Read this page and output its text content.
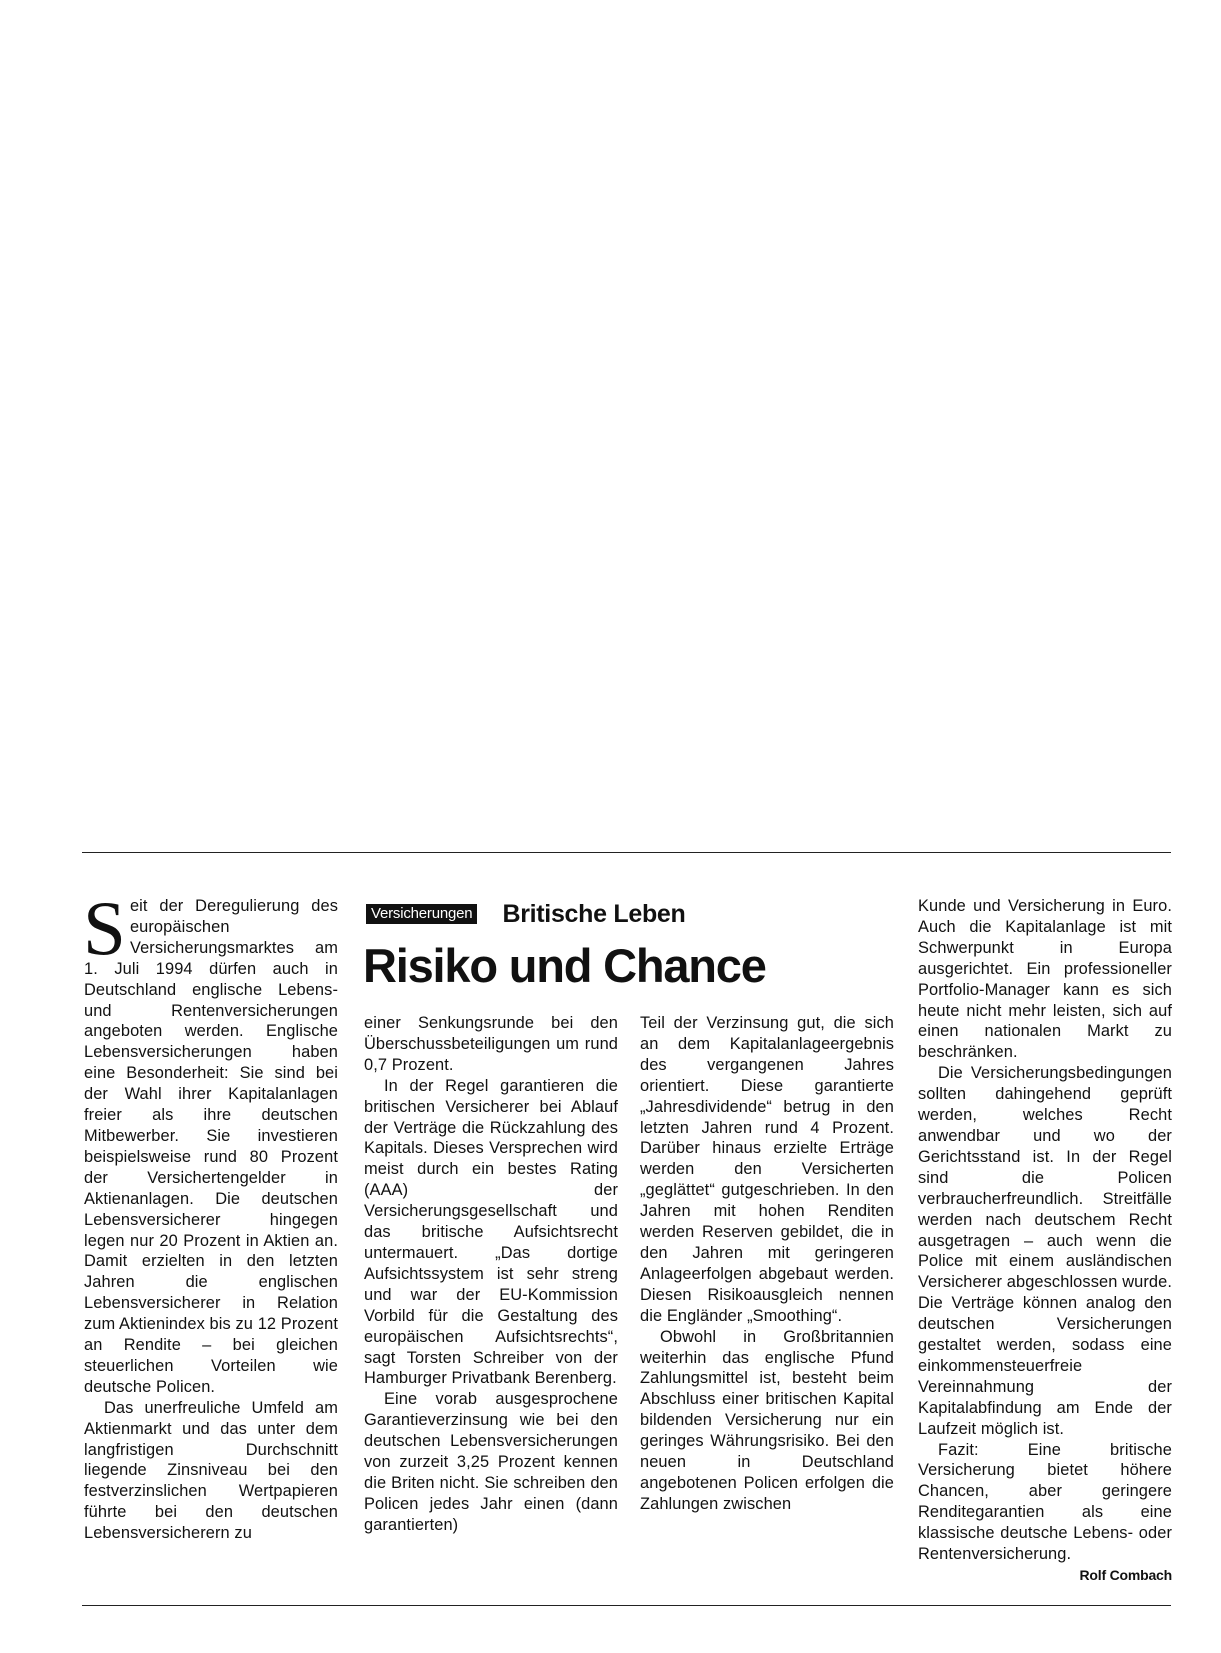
Seit der Deregulierung des europäischen Versicherungsmarktes am 1. Juli 1994 dürfen auch in Deutschland englische Lebens- und Rentenversicherungen angeboten werden. Englische Lebensversicherungen haben eine Besonderheit: Sie sind bei der Wahl ihrer Kapitalanlagen freier als ihre deutschen Mitbewerber. Sie investieren beispielsweise rund 80 Prozent der Versichertengelder in Aktienanlagen. Die deutschen Lebensversicherer hingegen legen nur 20 Prozent in Aktien an. Damit erzielten in den letzten Jahren die englischen Lebensversicherer in Relation zum Aktienindex bis zu 12 Prozent an Rendite – bei gleichen steuerlichen Vorteilen wie deutsche Policen.

Das unerfreuliche Umfeld am Aktienmarkt und das unter dem langfristigen Durchschnitt liegende Zinsniveau bei den festverzinslichen Wertpapieren führte bei den deutschen Lebensversicherern zu

Versicherungen Britische Leben
Risiko und Chance

einer Senkungsrunde bei den Überschussbeteiligungen um rund 0,7 Prozent.

In der Regel garantieren die britischen Versicherer bei Ablauf der Verträge die Rückzahlung des Kapitals. Dieses Versprechen wird meist durch ein bestes Rating (AAA) der Versicherungsgesellschaft und das britische Aufsichtsrecht untermauert. „Das dortige Aufsichtssystem ist sehr streng und war der EU-Kommission Vorbild für die Gestaltung des europäischen Aufsichtsrechts“, sagt Torsten Schreiber von der Hamburger Privatbank Berenberg.

Eine vorab ausgesprochene Garantieverzinsung wie bei den deutschen Lebensversicherungen von zurzeit 3,25 Prozent kennen die Briten nicht. Sie schreiben den Policen jedes Jahr einen (dann garantierten)

Teil der Verzinsung gut, die sich an dem Kapitalanlageergebnis des vergangenen Jahres orientiert. Diese garantierte „Jahresdividende“ betrug in den letzten Jahren rund 4 Prozent. Darüber hinaus erzielte Erträge werden den Versicherten „geglättet“ gutgeschrieben. In den Jahren mit hohen Renditen werden Reserven gebildet, die in den Jahren mit geringeren Anlageerfolgen abgebaut werden. Diesen Risikoausgleich nennen die Engländer „Smoothing“.

Obwohl in Großbritannien weiterhin das englische Pfund Zahlungsmittel ist, besteht beim Abschluss einer britischen Kapital bildenden Versicherung nur ein geringes Währungsrisiko. Bei den neuen in Deutschland angebotenen Policen erfolgen die Zahlungen zwischen

Kunde und Versicherung in Euro. Auch die Kapitalanlage ist mit Schwerpunkt in Europa ausgerichtet. Ein professioneller Portfolio-Manager kann es sich heute nicht mehr leisten, sich auf einen nationalen Markt zu beschränken.

Die Versicherungsbedingungen sollten dahingehend geprüft werden, welches Recht anwendbar und wo der Gerichtsstand ist. In der Regel sind die Policen verbraucherfreundlich. Streitfälle werden nach deutschem Recht ausgetragen – auch wenn die Police mit einem ausländischen Versicherer abgeschlossen wurde. Die Verträge können analog den deutschen Versicherungen gestaltet werden, sodass eine einkommensteuerfreie Vereinnahmung der Kapitalabfindung am Ende der Laufzeit möglich ist.

Fazit: Eine britische Versicherung bietet höhere Chancen, aber geringere Renditegarantien als eine klassische deutsche Lebens- oder Rentenversicherung.
Rolf Combach
